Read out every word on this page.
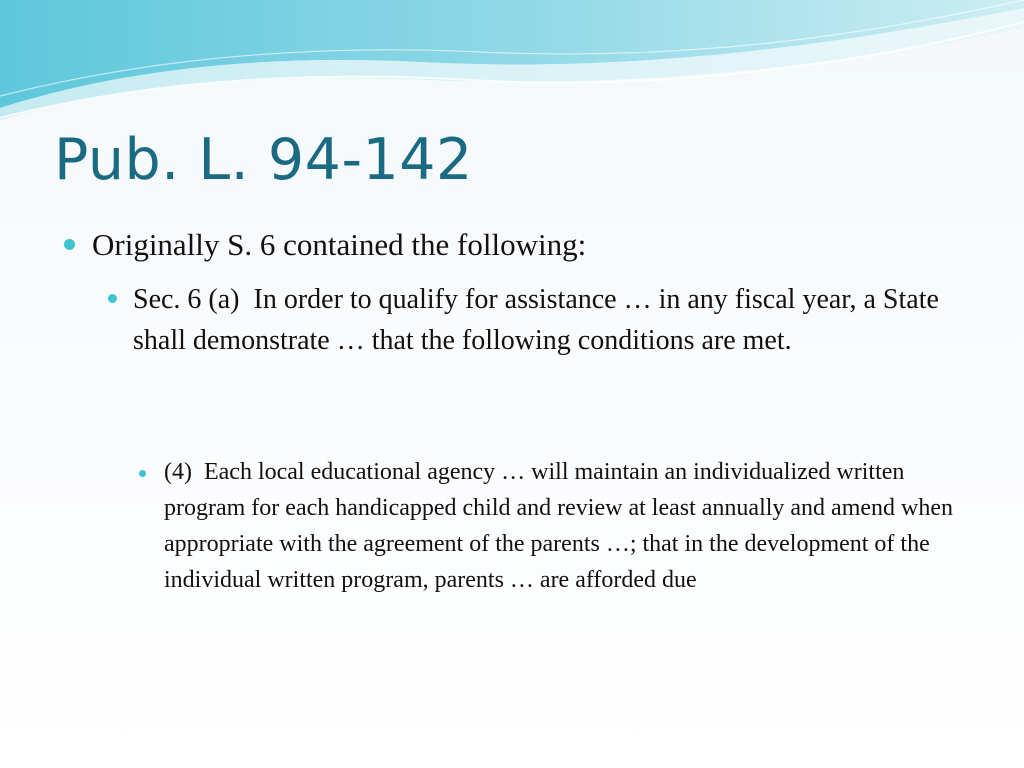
Pub. L. 94-142
Originally S. 6 contained the following:
Sec. 6 (a)  In order to qualify for assistance … in any fiscal year, a State shall demonstrate … that the following conditions are met.
(4)  Each local educational agency … will maintain an individualized written program for each handicapped child and review at least annually and amend when appropriate with the agreement of the parents …; that in the development of the individual written program, parents … are afforded due
